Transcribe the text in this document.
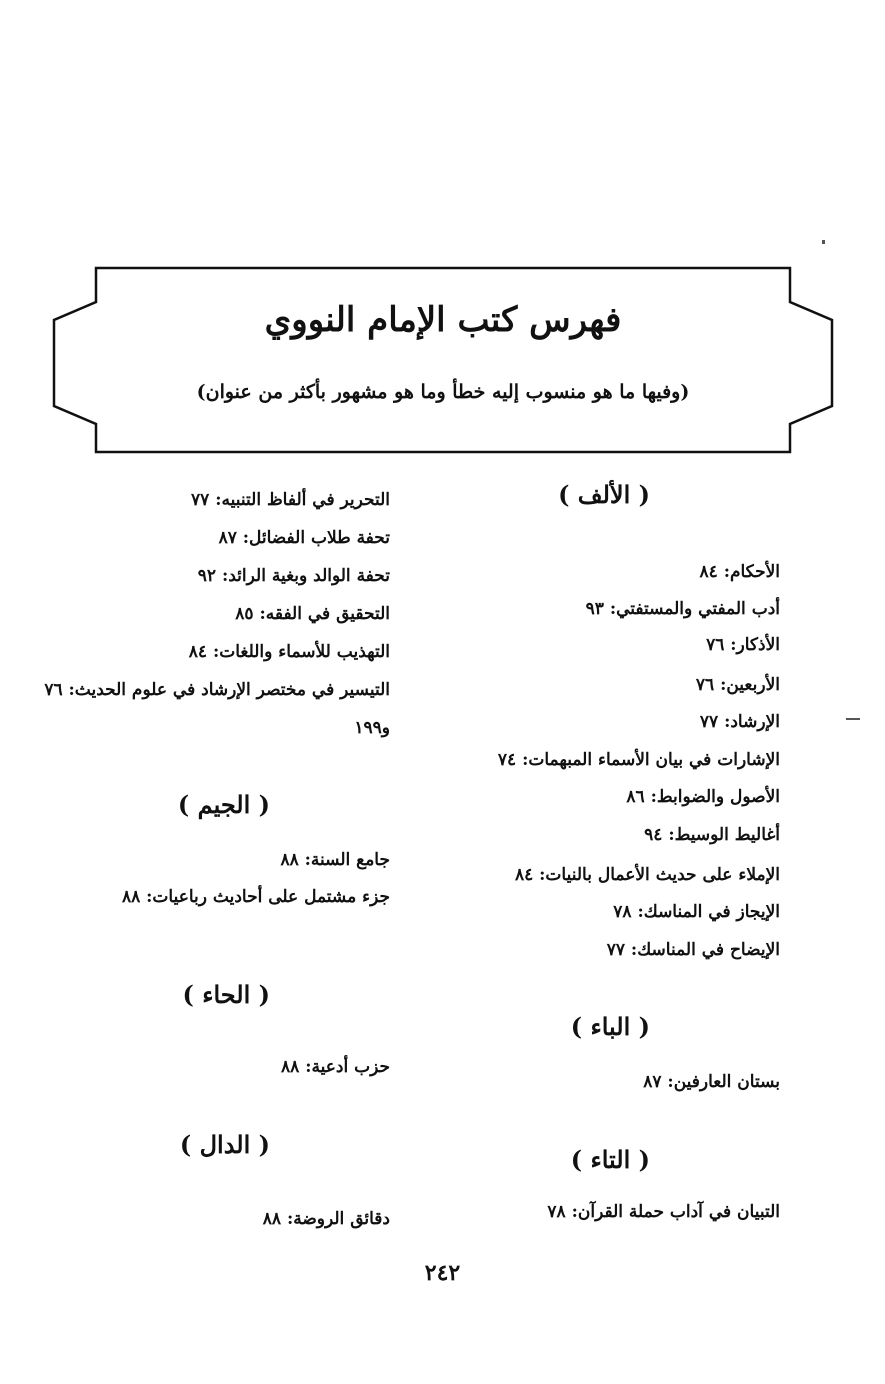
فهرس كتب الإمام النووي
(وفيها ما هو منسوب إليه خطأ وما هو مشهور بأكثر من عنوان)
( الألف )
الأحكام: ٨٤
أدب المفتي والمستفتي: ٩٣
الأذكار: ٧٦
الأربعين: ٧٦
الإرشاد: ٧٧
الإشارات في بيان الأسماء المبهمات: ٧٤
الأصول والضوابط: ٨٦
أغاليط الوسيط: ٩٤
الإملاء على حديث الأعمال بالنيات: ٨٤
الإيجاز في المناسك: ٧٨
الإيضاح في المناسك: ٧٧
( الباء )
بستان العارفين: ٨٧
( التاء )
التبيان في آداب حملة القرآن: ٧٨
التحرير في ألفاظ التنبيه: ٧٧
تحفة طلاب الفضائل: ٨٧
تحفة الوالد وبغية الرائد: ٩٢
التحقيق في الفقه: ٨٥
التهذيب للأسماء واللغات: ٨٤
التيسير في مختصر الإرشاد في علوم الحديث: ٧٦
و١٩٩
( الجيم )
جامع السنة: ٨٨
جزء مشتمل على أحاديث رباعيات: ٨٨
( الحاء )
حزب أدعية: ٨٨
( الدال )
دقائق الروضة: ٨٨
٢٤٢
